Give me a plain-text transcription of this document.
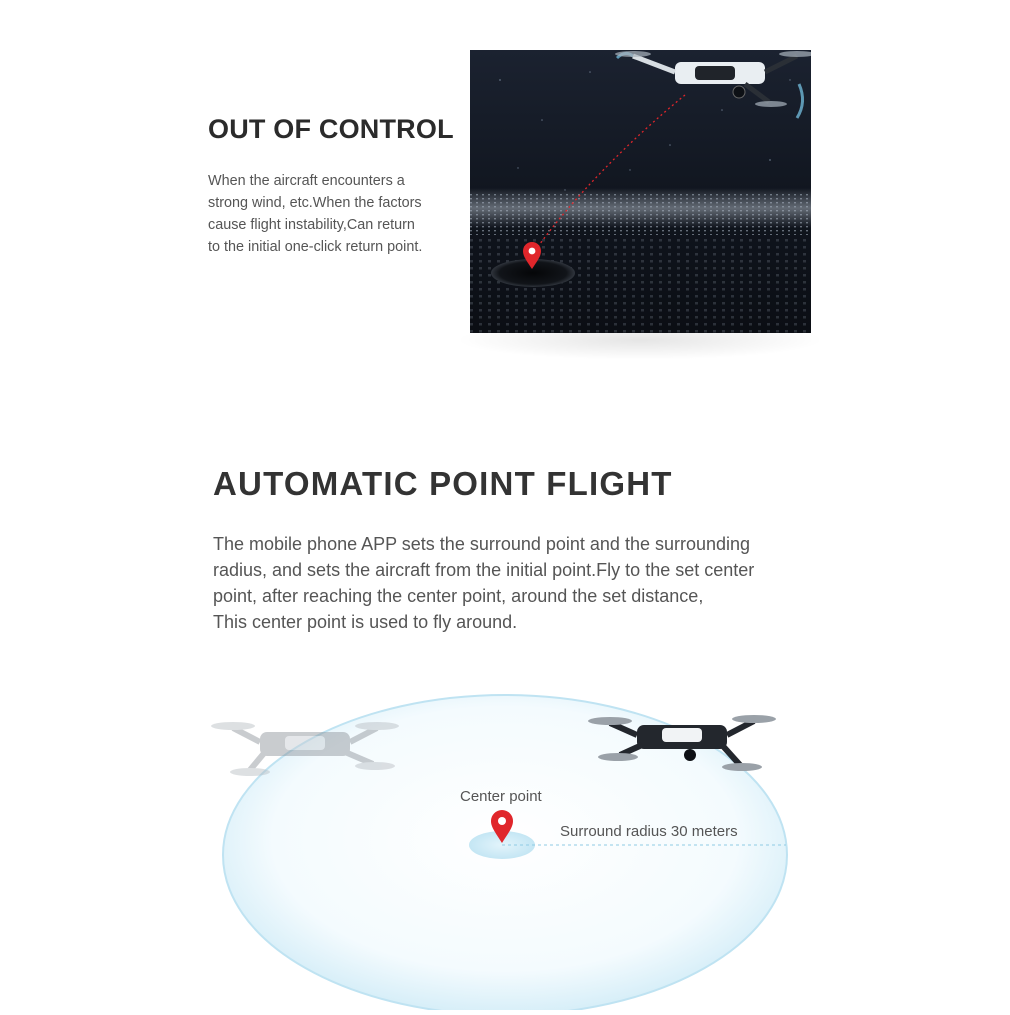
OUT OF CONTROL
When the aircraft encounters a
strong wind, etc.When the factors
cause flight instability,Can return
to the initial one-click return point.
AUTOMATIC POINT FLIGHT
The mobile phone APP sets the surround point and the surrounding
radius, and sets the aircraft from the initial point.Fly to the set center
point, after reaching the center point, around the set distance,
This center point is used to fly around.
Center point
Surround radius 30 meters
